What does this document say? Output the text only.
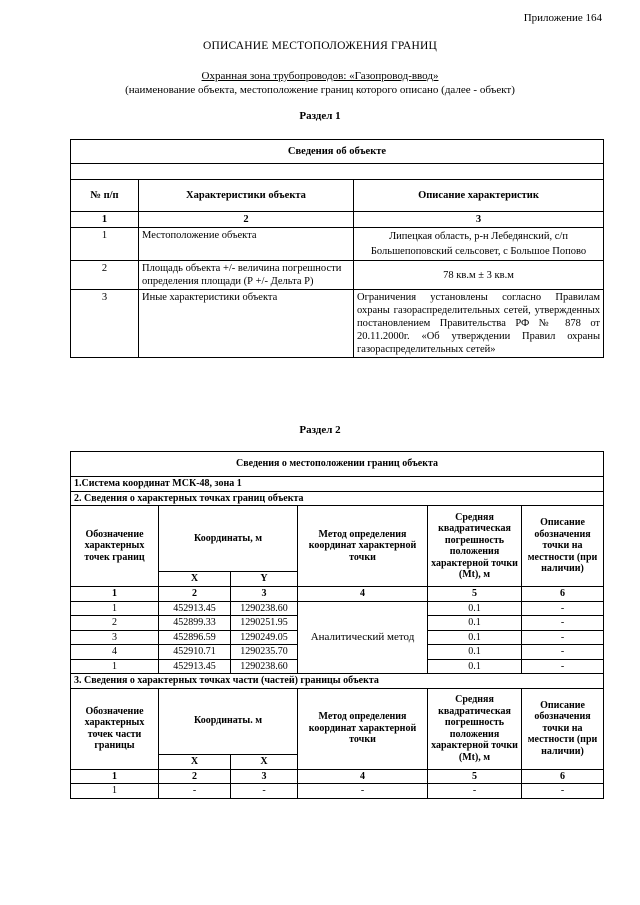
Приложение 164
ОПИСАНИЕ МЕСТОПОЛОЖЕНИЯ ГРАНИЦ
Охранная зона трубопроводов: «Газопровод-ввод»
(наименование объекта, местоположение границ которого описано (далее - объект)
Раздел 1
Сведения об объекте		

№ п/п	Характеристики объекта	Описание характеристик
1	2	3
1	Местоположение объекта	Липецкая область, р-н Лебедянский, с/п Большепоповский сельсовет, с Большое Попово
2	Площадь объекта +/- величина погрешности определения площади (Р +/- Дельта Р)	78 кв.м ± 3 кв.м
3	Иные характеристики объекта	Ограничения установлены согласно Правилам охраны газораспределительных сетей, утвержденных постановлением Правительства РФ № 878 от 20.11.2000г. «Об утверждении Правил охраны газораспределительных сетей»
Раздел 2
Сведения о местоположении границ объекта					
1.Система координат МСК-48, зона 1					
2. Сведения о характерных точках границ объекта					
Обозначение характерных точек границ	Координаты, м		Метод определения координат характерной точки	Средняя квадратическая погрешность положения характерной точки (Mt), м	Описание обозначения точки на местности (при наличии)
	X	Y			
1	2	3	4	5	6
1	452913.45	1290238.60	Аналитический метод	0.1	-
2	452899.33	1290251.95		0.1	-
3	452896.59	1290249.05		0.1	-
4	452910.71	1290235.70		0.1	-
1	452913.45	1290238.60		0.1	-
3. Сведения о характерных точках части (частей) границы объекта					
Обозначение характерных точек части границы	Координаты. м		Метод определения координат характерной точки	Средняя квадратическая погрешность положения характерной точки (Mt), м	Описание обозначения точки на местности (при наличии)
	X	X			
1	2	3	4	5	6
1	-	-	-	-	-
